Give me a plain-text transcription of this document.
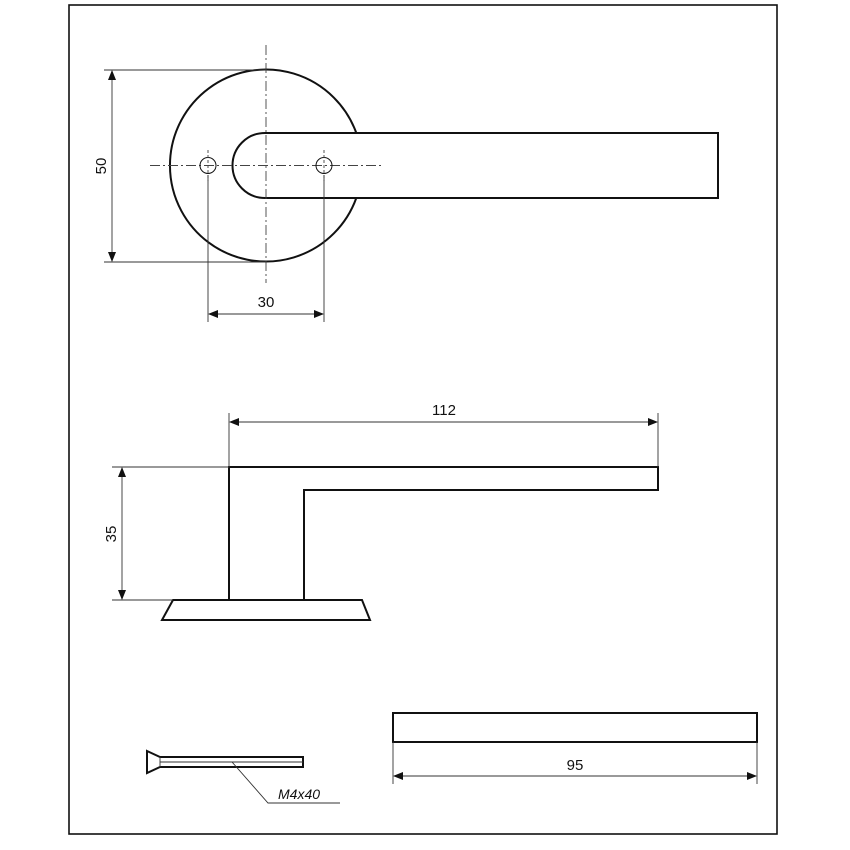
50
30
112
35
M4x40
95
